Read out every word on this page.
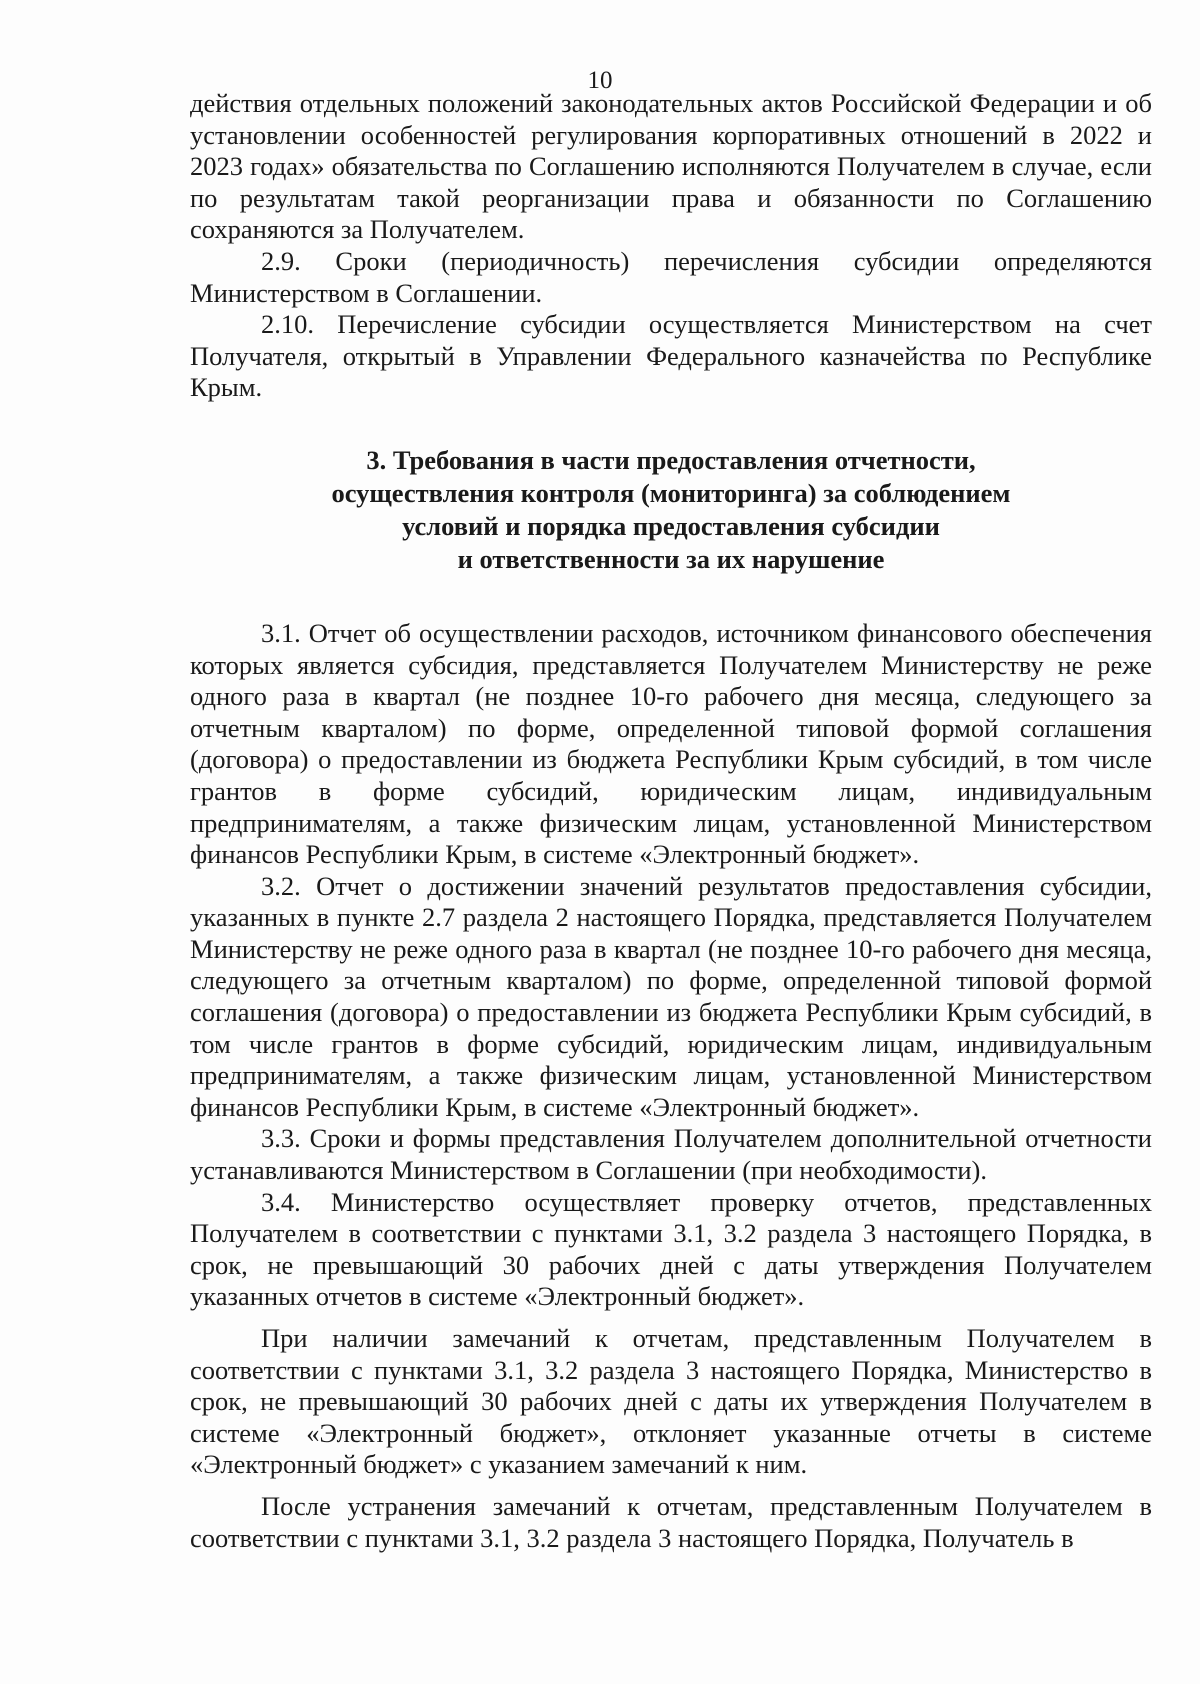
10

действия отдельных положений законодательных актов Российской Федерации и об установлении особенностей регулирования корпоративных отношений в 2022 и 2023 годах» обязательства по Соглашению исполняются Получателем в случае, если по результатам такой реорганизации права и обязанности по Соглашению сохраняются за Получателем.

2.9. Сроки (периодичность) перечисления субсидии определяются Министерством в Соглашении.

2.10. Перечисление субсидии осуществляется Министерством на счет Получателя, открытый в Управлении Федерального казначейства по Республике Крым.

3. Требования в части предоставления отчетности,
осуществления контроля (мониторинга) за соблюдением
условий и порядка предоставления субсидии
и ответственности за их нарушение

3.1. Отчет об осуществлении расходов, источником финансового обеспечения которых является субсидия, представляется Получателем Министерству не реже одного раза в квартал (не позднее 10-го рабочего дня месяца, следующего за отчетным кварталом) по форме, определенной типовой формой соглашения (договора) о предоставлении из бюджета Республики Крым субсидий, в том числе грантов в форме субсидий, юридическим лицам, индивидуальным предпринимателям, а также физическим лицам, установленной Министерством финансов Республики Крым, в системе «Электронный бюджет».

3.2. Отчет о достижении значений результатов предоставления субсидии, указанных в пункте 2.7 раздела 2 настоящего Порядка, представляется Получателем Министерству не реже одного раза в квартал (не позднее 10-го рабочего дня месяца, следующего за отчетным кварталом) по форме, определенной типовой формой соглашения (договора) о предоставлении из бюджета Республики Крым субсидий, в том числе грантов в форме субсидий, юридическим лицам, индивидуальным предпринимателям, а также физическим лицам, установленной Министерством финансов Республики Крым, в системе «Электронный бюджет».

3.3. Сроки и формы представления Получателем дополнительной отчетности устанавливаются Министерством в Соглашении (при необходимости).

3.4. Министерство осуществляет проверку отчетов, представленных Получателем в соответствии с пунктами 3.1, 3.2 раздела 3 настоящего Порядка, в срок, не превышающий 30 рабочих дней с даты утверждения Получателем указанных отчетов в системе «Электронный бюджет».

При наличии замечаний к отчетам, представленным Получателем в соответствии с пунктами 3.1, 3.2 раздела 3 настоящего Порядка, Министерство в срок, не превышающий 30 рабочих дней с даты их утверждения Получателем в системе «Электронный бюджет», отклоняет указанные отчеты в системе «Электронный бюджет» с указанием замечаний к ним.

После устранения замечаний к отчетам, представленным Получателем в соответствии с пунктами 3.1, 3.2 раздела 3 настоящего Порядка, Получатель в
